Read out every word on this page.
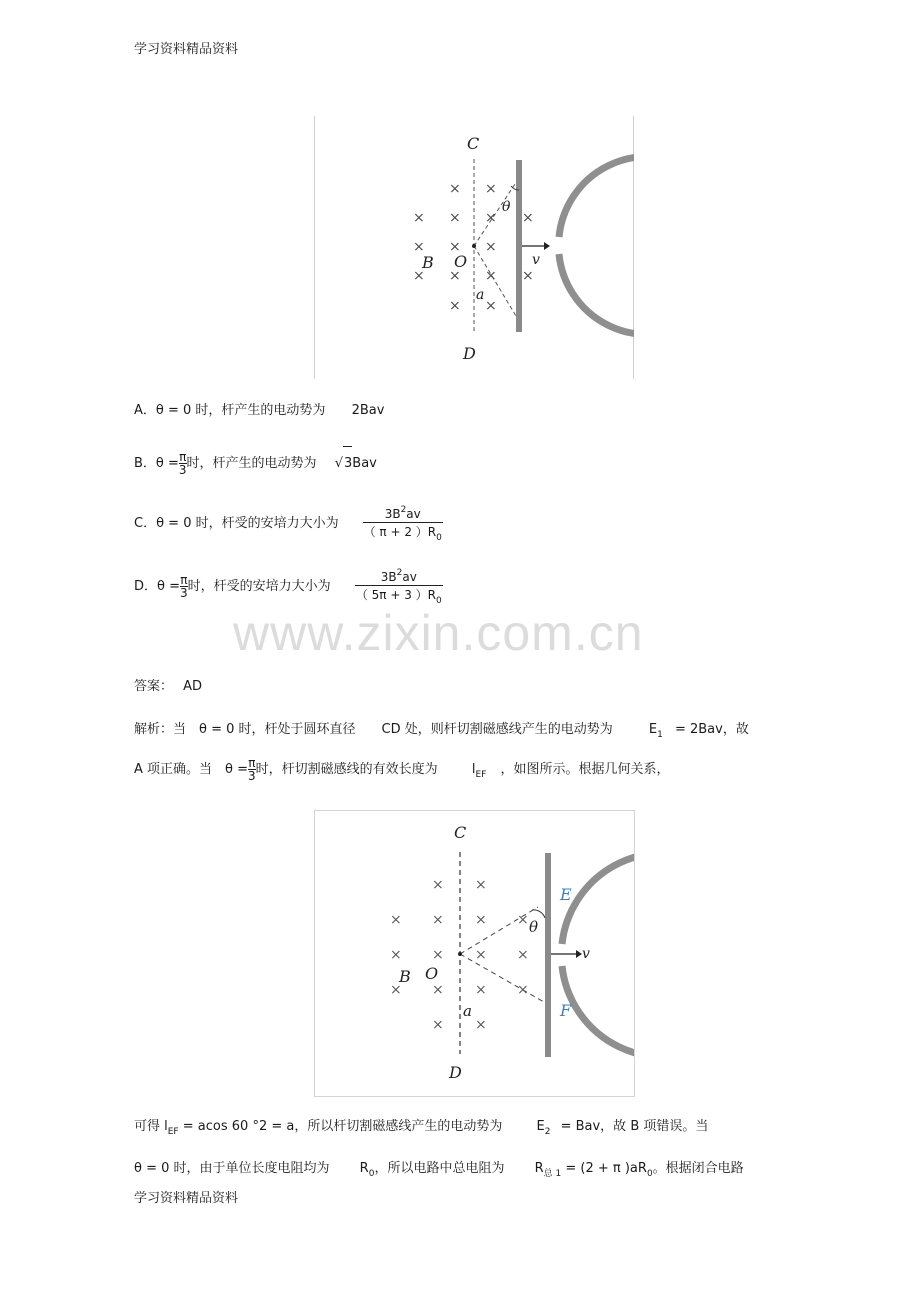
学习资料精品资料
× ×
× × × ×
× × ×
× × × ×
× ×
C
D
O
B
a
v
θ
A．θ = 0 时，杆产生的电动势为 2Bav
B．$\theta = \frac{\pi}{3}$ 时，杆产生的电动势为 √3Bav
C．θ = 0 时，杆受的安培力大小为 $\frac{3B^2av}{( \pi + 2 )R_0}$
D．$\theta = \frac{\pi}{3}$ 时，杆受的安培力大小为 $\frac{3B^2av}{( 5\pi + 3 )R_0}$
www.zixin.com.cn
答案： AD
解析：当　θ = 0 时，杆处于圆环直径　　CD 处，则杆切割磁感线产生的电动势为	$E_1 = 2Bav$，故
A 项正确。当　$\theta = \frac{\pi}{3}$ 时，杆切割磁感线的有效长度为	$l_{EF}$ ，如图所示。根据几何关系，
× ×
× × × ×
× × × ×
× × × ×
× ×
C
D
O
B
a
v
θ
E
F
可得 $l_{EF} = acos$ 60 °2 = a，所以杆切割磁感线产生的电动势为	$E_2$ = Bav，故 B 项错误。当
θ = 0 时，由于单位长度电阻均为 $R_0$，所以电路中总电阻为 $R_{总 1} = (2 + \pi$ )$aR_0$。根据闭合电路
学习资料精品资料
